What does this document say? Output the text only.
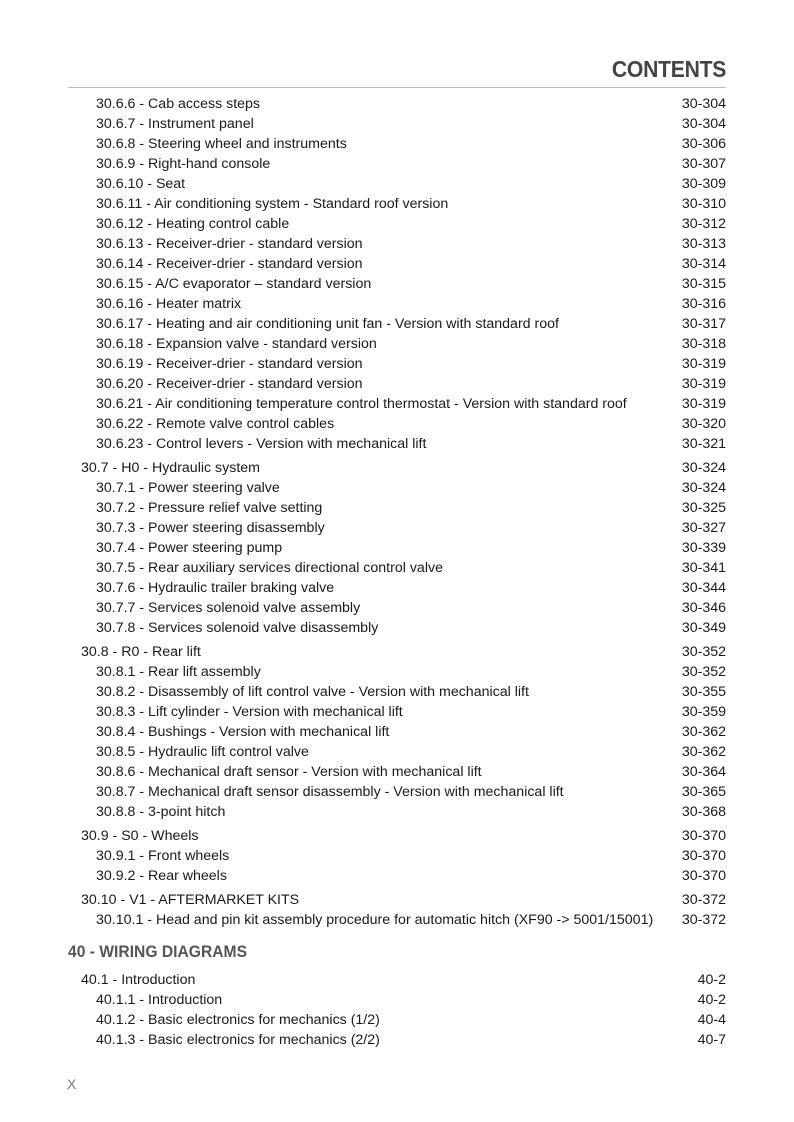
CONTENTS
30.6.6 - Cab access steps	30-304
30.6.7 - Instrument panel	30-304
30.6.8 - Steering wheel and instruments	30-306
30.6.9 - Right-hand console	30-307
30.6.10 - Seat	30-309
30.6.11 - Air conditioning system - Standard roof version	30-310
30.6.12 - Heating control cable	30-312
30.6.13 - Receiver-drier - standard version	30-313
30.6.14 - Receiver-drier - standard version	30-314
30.6.15 - A/C evaporator – standard version	30-315
30.6.16 - Heater matrix	30-316
30.6.17 - Heating and air conditioning unit fan - Version with standard roof	30-317
30.6.18 - Expansion valve - standard version	30-318
30.6.19 - Receiver-drier - standard version	30-319
30.6.20 - Receiver-drier - standard version	30-319
30.6.21 - Air conditioning temperature control thermostat - Version with standard roof	30-319
30.6.22 - Remote valve control cables	30-320
30.6.23 - Control levers - Version with mechanical lift	30-321
30.7 - H0 - Hydraulic system	30-324
30.7.1 - Power steering valve	30-324
30.7.2 - Pressure relief valve setting	30-325
30.7.3 - Power steering disassembly	30-327
30.7.4 - Power steering pump	30-339
30.7.5 - Rear auxiliary services directional control valve	30-341
30.7.6 - Hydraulic trailer braking valve	30-344
30.7.7 - Services solenoid valve assembly	30-346
30.7.8 - Services solenoid valve disassembly	30-349
30.8 - R0 - Rear lift	30-352
30.8.1 - Rear lift assembly	30-352
30.8.2 - Disassembly of lift control valve - Version with mechanical lift	30-355
30.8.3 - Lift cylinder - Version with mechanical lift	30-359
30.8.4 - Bushings - Version with mechanical lift	30-362
30.8.5 - Hydraulic lift control valve	30-362
30.8.6 - Mechanical draft sensor - Version with mechanical lift	30-364
30.8.7 - Mechanical draft sensor disassembly - Version with mechanical lift	30-365
30.8.8 - 3-point hitch	30-368
30.9 - S0 - Wheels	30-370
30.9.1 - Front wheels	30-370
30.9.2 - Rear wheels	30-370
30.10 - V1 - AFTERMARKET KITS	30-372
30.10.1 - Head and pin kit assembly procedure for automatic hitch (XF90 -> 5001/15001) 30-372
40 - WIRING DIAGRAMS
40.1 - Introduction	40-2
40.1.1 - Introduction	40-2
40.1.2 - Basic electronics for mechanics (1/2)	40-4
40.1.3 - Basic electronics for mechanics (2/2)	40-7
X
